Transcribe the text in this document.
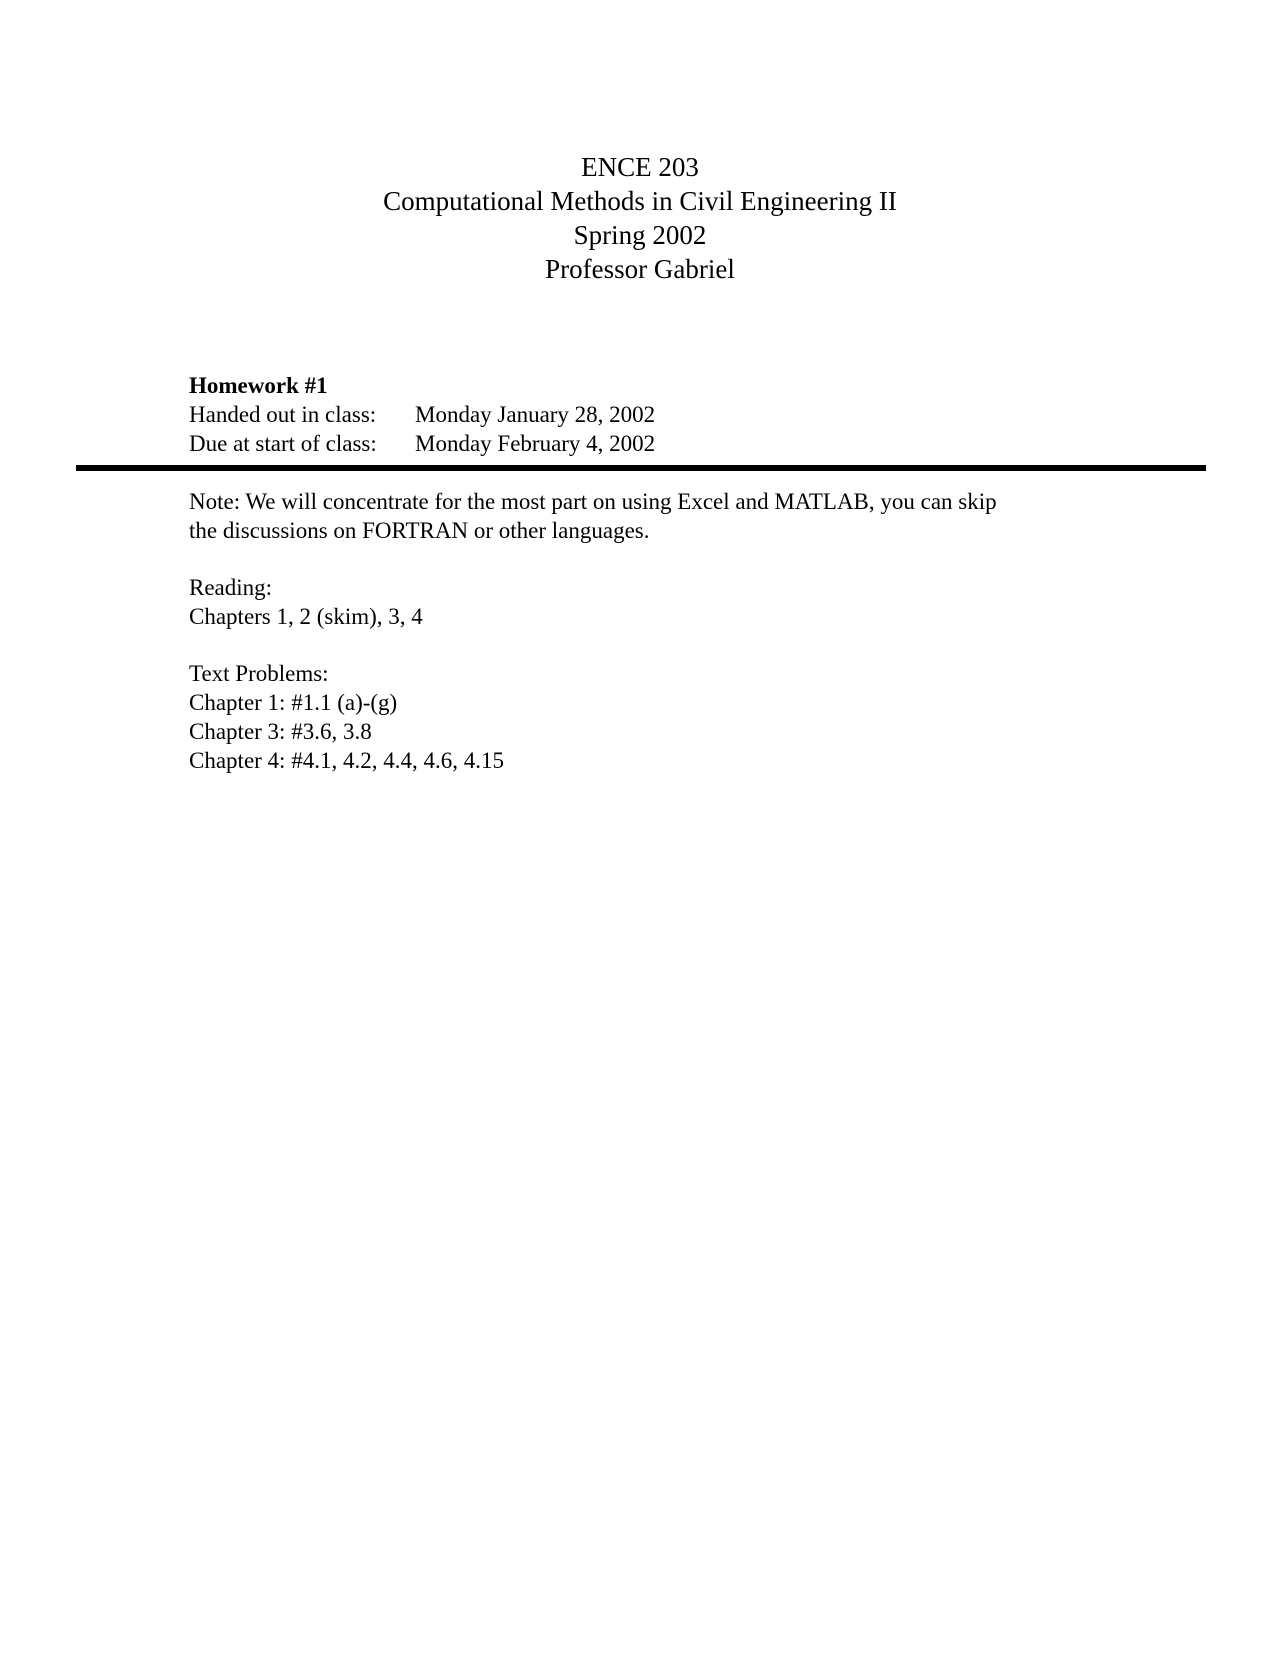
ENCE 203
Computational Methods in Civil Engineering II
Spring 2002
Professor Gabriel
Homework #1
Handed out in class: Monday January 28, 2002
Due at start of class: Monday February 4, 2002
Note: We will concentrate for the most part on using Excel and MATLAB, you can skip
the discussions on FORTRAN or other languages.
Reading:
Chapters 1, 2 (skim), 3, 4
Text Problems:
Chapter 1: #1.1 (a)-(g)
Chapter 3: #3.6, 3.8
Chapter 4: #4.1, 4.2, 4.4, 4.6, 4.15
